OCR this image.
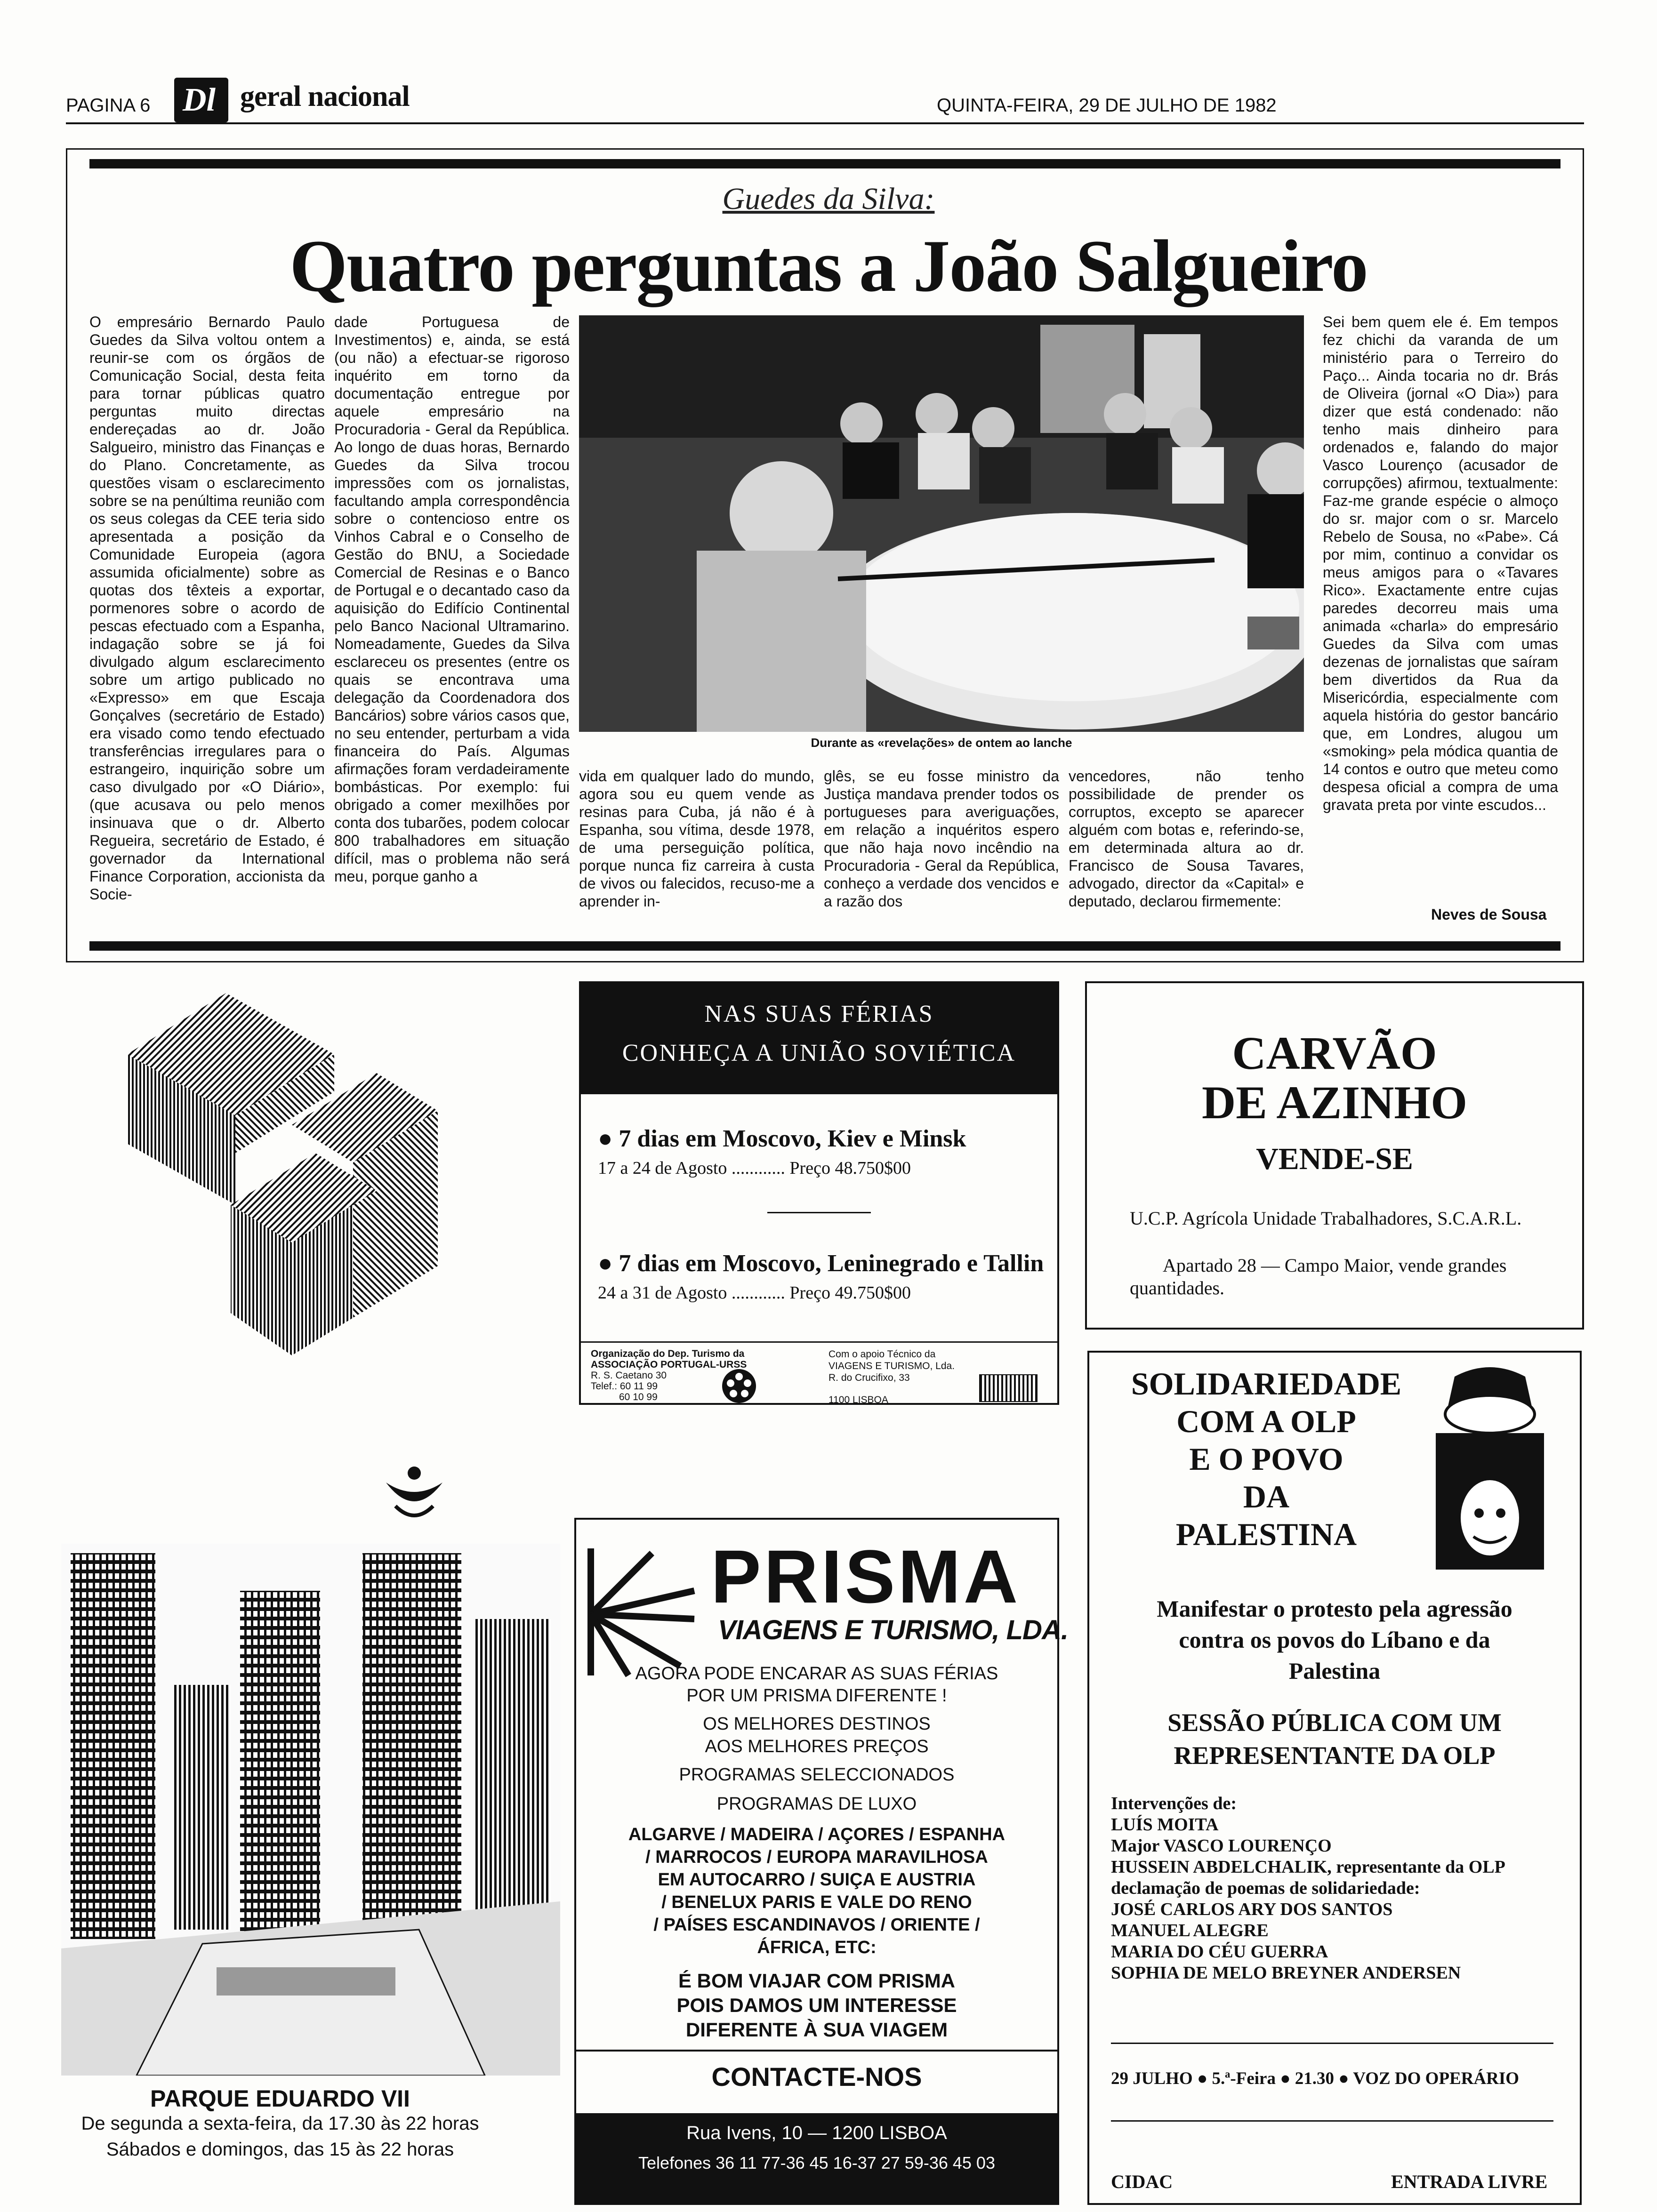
PAGINA 6 Dl geral nacional	QUINTA-FEIRA, 29 DE JULHO DE 1982
Guedes da Silva:
Quatro perguntas a João Salgueiro
O empresário Bernardo Paulo Guedes da Silva voltou ontem a reunir-se com os órgãos de Comunicação Social, desta feita para tornar públicas quatro perguntas muito directas endereçadas ao dr. João Salgueiro, ministro das Finanças e do Plano. Concretamente, as questões visam o esclarecimento sobre se na penúltima reunião com os seus colegas da CEE teria sido apresentada a posição da Comunidade Europeia (agora assumida oficialmente) sobre as quotas dos têxteis a exportar, pormenores sobre o acordo de pescas efectuado com a Espanha, indagação sobre se já foi divulgado algum esclarecimento sobre um artigo publicado no «Expresso» em que Escaja Gonçalves (secretário de Estado) era visado como tendo efectuado transferências irregulares para o estrangeiro, inquirição sobre um caso divulgado por «O Diário», (que acusava ou pelo menos insinuava que o dr. Alberto Regueira, secretário de Estado, é governador da International Finance Corporation, accionista da Socie-
dade Portuguesa de Investimentos) e, ainda, se está (ou não) a efectuar-se rigoroso inquérito em torno da documentação entregue por aquele empresário na Procuradoria - Geral da República. Ao longo de duas horas, Bernardo Guedes da Silva trocou impressões com os jornalistas, facultando ampla correspondência sobre o contencioso entre os Vinhos Cabral e o Conselho de Gestão do BNU, a Sociedade Comercial de Resinas e o Banco de Portugal e o decantado caso da aquisição do Edifício Continental pelo Banco Nacional Ultramarino. Nomeadamente, Guedes da Silva esclareceu os presentes (entre os quais se encontrava uma delegação da Coordenadora dos Bancários) sobre vários casos que, no seu entender, perturbam a vida financeira do País. Algumas afirmações foram verdadeiramente bombásticas. Por exemplo: fui obrigado a comer mexilhões por conta dos tubarões, podem colocar 800 trabalhadores em situação difícil, mas o problema não será meu, porque ganho a
Durante as «revelações» de ontem ao lanche
vida em qualquer lado do mundo, agora sou eu quem vende as resinas para Cuba, já não é à Espanha, sou vítima, desde 1978, de uma perseguição política, porque nunca fiz carreira à custa de vivos ou falecidos, recuso-me a aprender in-
glês, se eu fosse ministro da Justiça mandava prender todos os portugueses para averiguações, em relação a inquéritos espero que não haja novo incêndio na Procuradoria - Geral da República, conheço a verdade dos vencidos e a razão dos
vencedores, não tenho possibilidade de prender os corruptos, excepto se aparecer alguém com botas e, referindo-se, em determinada altura ao dr. Francisco de Sousa Tavares, advogado, director da «Capital» e deputado, declarou firmemente:
Sei bem quem ele é. Em tempos fez chichi da varanda de um ministério para o Terreiro do Paço... Ainda tocaria no dr. Brás de Oliveira (jornal «O Dia») para dizer que está condenado: não tenho mais dinheiro para ordenados e, falando do major Vasco Lourenço (acusador de corrupções) afirmou, textualmente: Faz-me grande espécie o almoço do sr. major com o sr. Marcelo Rebelo de Sousa, no «Pabe». Cá por mim, continuo a convidar os meus amigos para o «Tavares Rico». Exactamente entre cujas paredes decorreu mais uma animada «charla» do empresário Guedes da Silva com umas dezenas de jornalistas que saíram bem divertidos da Rua da Misericórdia, especialmente com aquela história do gestor bancário que, em Londres, alugou um «smoking» pela módica quantia de 14 contos e outro que meteu como despesa oficial a compra de uma gravata preta por vinte escudos...
Neves de Sousa
PARQUE EDUARDO VII
De segunda a sexta-feira, da 17.30 às 22 horas
Sábados e domingos, das 15 às 22 horas
NAS SUAS FÉRIAS
CONHEÇA A UNIÃO SOVIÉTICA
● 7 dias em Moscovo, Kiev e Minsk
17 a 24 de Agosto ............ Preço 48.750$00
● 7 dias em Moscovo, Leninegrado e Tallin
24 a 31 de Agosto ............ Preço 49.750$00
Organização do Dep. Turismo da
ASSOCIAÇÃO PORTUGAL-URSS
R. S. Caetano 30
Telef.: 60 11 99
60 10 99
Com o apoio Técnico da
VIAGENS E TURISMO, Lda.
R. do Crucifixo, 33
1100 LISBOA
PRISMA
VIAGENS E TURISMO, LDA.
AGORA PODE ENCARAR AS SUAS FÉRIAS
POR UM PRISMA DIFERENTE !
OS MELHORES DESTINOS
AOS MELHORES PREÇOS
PROGRAMAS SELECCIONADOS
PROGRAMAS DE LUXO
ALGARVE / MADEIRA / AÇORES / ESPANHA
/ MARROCOS / EUROPA MARAVILHOSA
EM AUTOCARRO / SUIÇA E AUSTRIA
/ BENELUX PARIS E VALE DO RENO
/ PAÍSES ESCANDINAVOS / ORIENTE /
ÁFRICA, ETC:
É BOM VIAJAR COM PRISMA
POIS DAMOS UM INTERESSE
DIFERENTE À SUA VIAGEM
CONTACTE-NOS
Rua Ivens, 10 — 1200 LISBOA
Telefones 36 11 77-36 45 16-37 27 59-36 45 03
CARVÃO
DE AZINHO
VENDE-SE
U.C.P. Agrícola Unidade Trabalhadores, S.C.A.R.L.
Apartado 28 — Campo Maior, vende grandes quantidades.
SOLIDARIEDADE
COM A OLP
E O POVO
DA
PALESTINA
Manifestar o protesto pela agressão
contra os povos do Líbano e da
Palestina
SESSÃO PÚBLICA COM UM
REPRESENTANTE DA OLP
Intervenções de:
LUÍS MOITA
Major VASCO LOURENÇO
HUSSEIN ABDELCHALIK, representante da OLP
declamação de poemas de solidariedade:
JOSÉ CARLOS ARY DOS SANTOS
MANUEL ALEGRE
MARIA DO CÉU GUERRA
SOPHIA DE MELO BREYNER ANDERSEN
29 JULHO ● 5.ª-Feira ● 21.30 ● VOZ DO OPERÁRIO
CIDAC	ENTRADA LIVRE
